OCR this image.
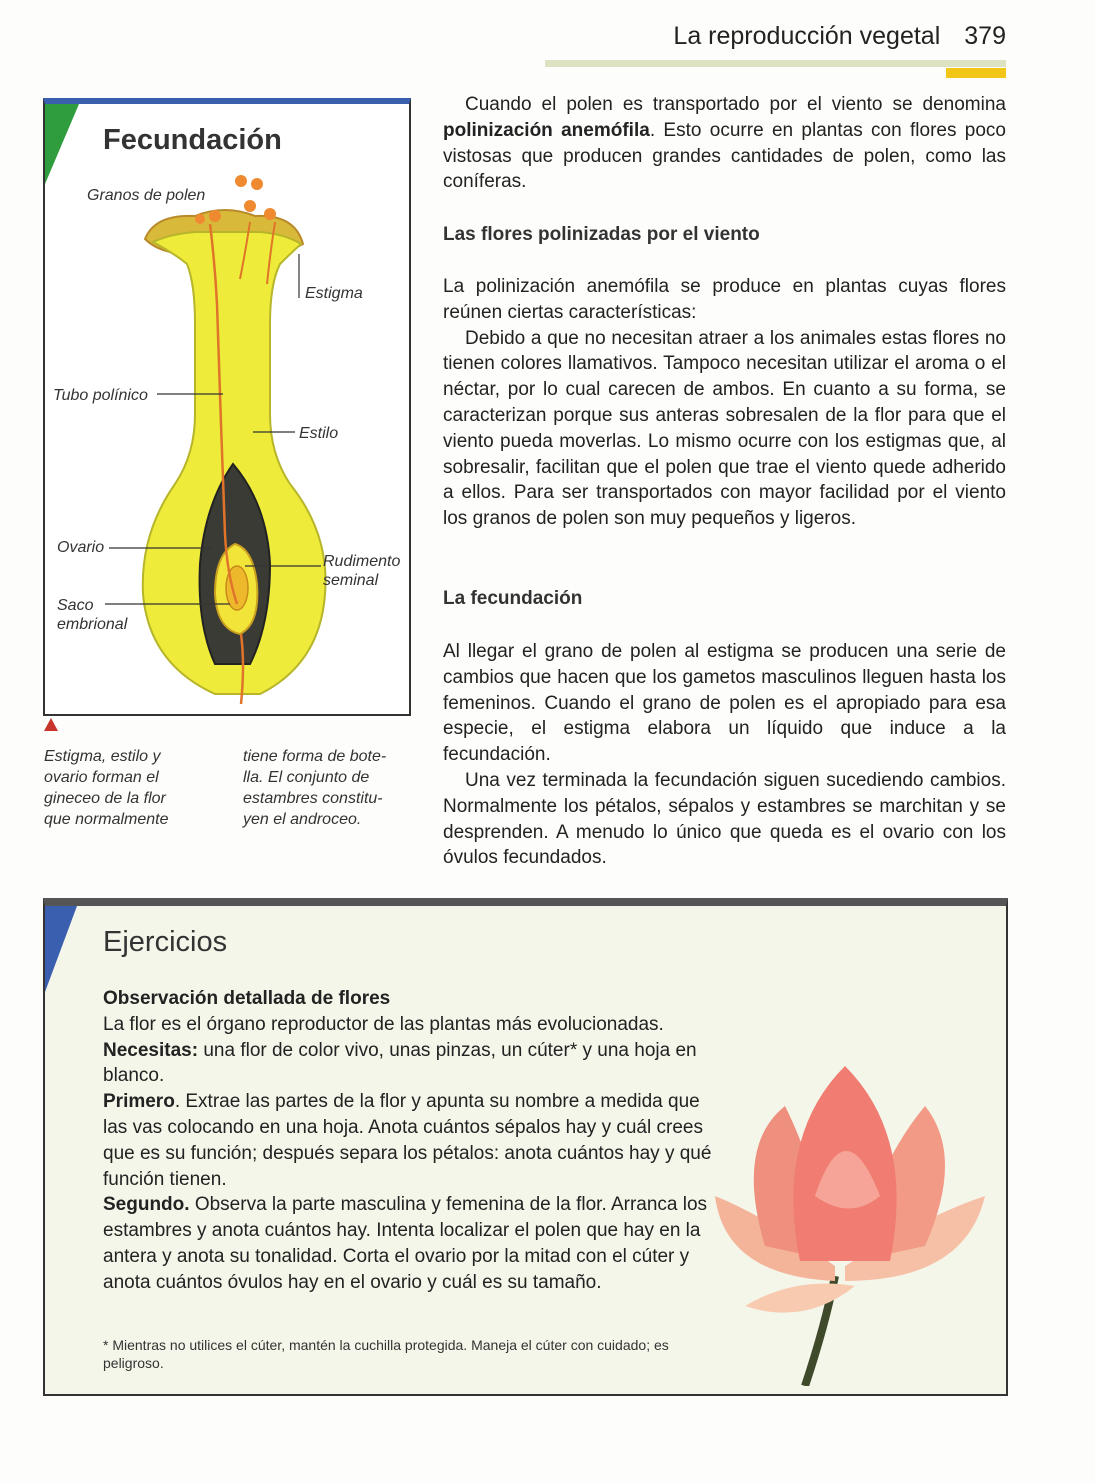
La reproducción vegetal 379
Fecundación
Granos de polen
Estigma
Tubo polínico
Estilo
Ovario
Rudimento
seminal
Saco
embrional
Estigma, estilo y
ovario forman el
gineceo de la flor
que normalmente
tiene forma de bote-
lla. El conjunto de
estambres constitu-
yen el androceo.

Cuando el polen es transportado por el viento se denomina polinización anemófila. Esto ocurre en plantas con flores poco vistosas que producen grandes cantidades de polen, como las coníferas.

Las flores polinizadas por el viento

La polinización anemófila se produce en plantas cuyas flores reúnen ciertas características:

Debido a que no necesitan atraer a los animales estas flores no tienen colores llamativos. Tampoco necesitan utilizar el aroma o el néctar, por lo cual carecen de ambos. En cuanto a su forma, se caracterizan porque sus anteras sobresalen de la flor para que el viento pueda moverlas. Lo mismo ocurre con los estigmas que, al sobresalir, facilitan que el polen que trae el viento quede adherido a ellos. Para ser transportados con mayor facilidad por el viento los granos de polen son muy pequeños y ligeros.

La fecundación

Al llegar el grano de polen al estigma se producen una serie de cambios que hacen que los gametos masculinos lleguen hasta los femeninos. Cuando el grano de polen es el apropiado para esa especie, el estigma elabora un líquido que induce a la fecundación.

Una vez terminada la fecundación siguen sucediendo cambios. Normalmente los pétalos, sépalos y estambres se marchitan y se desprenden. A menudo lo único que queda es el ovario con los óvulos fecundados.

Ejercicios

Observación detallada de flores

La flor es el órgano reproductor de las plantas más evolucionadas.

Necesitas: una flor de color vivo, unas pinzas, un cúter* y una hoja en blanco.

Primero. Extrae las partes de la flor y apunta su nombre a medida que las vas colocando en una hoja. Anota cuántos sépalos hay y cuál crees que es su función; después separa los pétalos: anota cuántos hay y qué función tienen.

Segundo. Observa la parte masculina y femenina de la flor. Arranca los estambres y anota cuántos hay. Intenta localizar el polen que hay en la antera y anota su tonalidad. Corta el ovario por la mitad con el cúter y anota cuántos óvulos hay en el ovario y cuál es su tamaño.

* Mientras no utilices el cúter, mantén la cuchilla protegida. Maneja el cúter con cuidado; es peligroso.
